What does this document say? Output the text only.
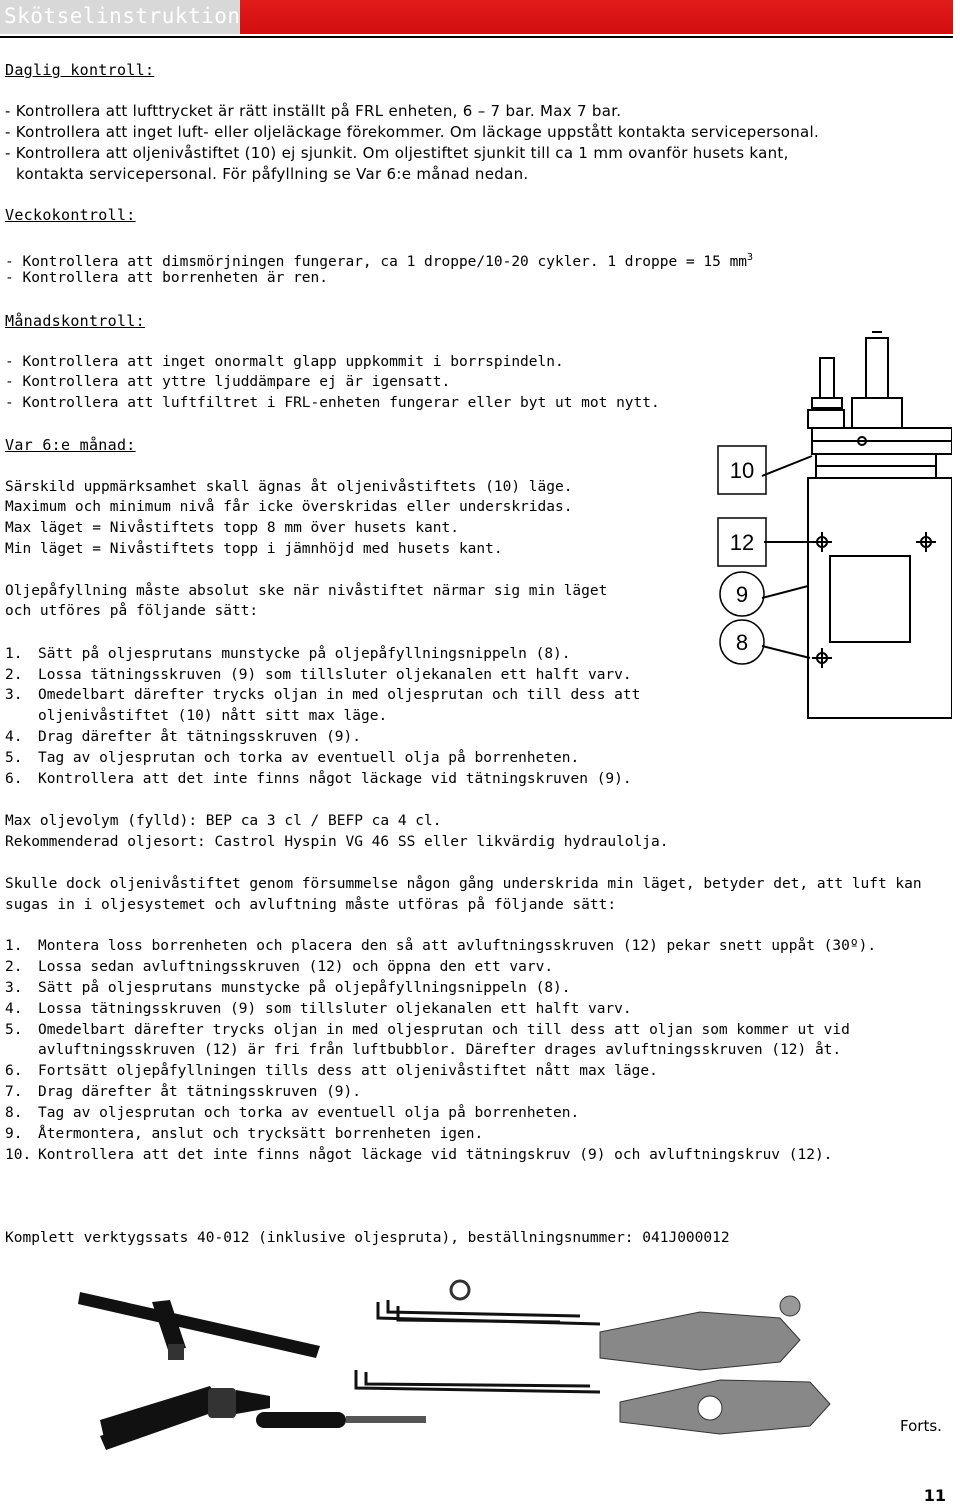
Skötselinstruktion
Daglig kontroll:
- Kontrollera att lufttrycket är rätt inställt på FRL enheten, 6 – 7 bar. Max 7 bar.
- Kontrollera att inget luft- eller oljeläckage förekommer. Om läckage uppstått kontakta servicepersonal.
- Kontrollera att oljenivåstiftet (10) ej sjunkit. Om oljestiftet sjunkit till ca 1 mm ovanför husets kant,
kontakta servicepersonal. För påfyllning se Var 6:e månad nedan.
Veckokontroll:
- Kontrollera att dimsmörjningen fungerar, ca 1 droppe/10-20 cykler. 1 droppe = 15 $mm^3$
- Kontrollera att borrenheten är ren.
Månadskontroll:
- Kontrollera att inget onormalt glapp uppkommit i borrspindeln.
- Kontrollera att yttre ljuddämpare ej är igensatt.
- Kontrollera att luftfiltret i FRL-enheten fungerar eller byt ut mot nytt.
Var 6:e månad:
Särskild uppmärksamhet skall ägnas åt oljenivåstiftets (10) läge.
Maximum och minimum nivå får icke överskridas eller underskridas.
Max läget = Nivåstiftets topp 8 mm över husets kant.
Min läget = Nivåstiftets topp i jämnhöjd med husets kant.
Oljepåfyllning måste absolut ske när nivåstiftet närmar sig min läget
och utföres på följande sätt:
1. Sätt på oljesprutans munstycke på oljepåfyllningsnippeln (8).
2. Lossa tätningsskruven (9) som tillsluter oljekanalen ett halft varv.
3. Omedelbart därefter trycks oljan in med oljesprutan och till dess att
oljenivåstiftet (10) nått sitt max läge.
4. Drag därefter åt tätningsskruven (9).
5. Tag av oljesprutan och torka av eventuell olja på borrenheten.
6. Kontrollera att det inte finns något läckage vid tätningskruven (9).
Max oljevolym (fylld): BEP ca 3 cl / BEFP ca 4 cl.
Rekommenderad oljesort: Castrol Hyspin VG 46 SS eller likvärdig hydraulolja.
Skulle dock oljenivåstiftet genom försummelse någon gång underskrida min läget, betyder det, att luft kan
sugas in i oljesystemet och avluftning måste utföras på följande sätt:
1. Montera loss borrenheten och placera den så att avluftningsskruven (12) pekar snett uppåt (30º).
2. Lossa sedan avluftningsskruven (12) och öppna den ett varv.
3. Sätt på oljesprutans munstycke på oljepåfyllningsnippeln (8).
4. Lossa tätningsskruven (9) som tillsluter oljekanalen ett halft varv.
5. Omedelbart därefter trycks oljan in med oljesprutan och till dess att oljan som kommer ut vid
avluftningsskruven (12) är fri från luftbubblor. Därefter drages avluftningsskruven (12) åt.
6. Fortsätt oljepåfyllningen tills dess att oljenivåstiftet nått max läge.
7. Drag därefter åt tätningsskruven (9).
8. Tag av oljesprutan och torka av eventuell olja på borrenheten.
9. Återmontera, anslut och trycksätt borrenheten igen.
10. Kontrollera att det inte finns något läckage vid tätningskruv (9) och avluftningskruv (12).
Komplett verktygssats 40-012 (inklusive oljespruta), beställningsnummer: 041J000012
10
12
9
8
Forts.
11
